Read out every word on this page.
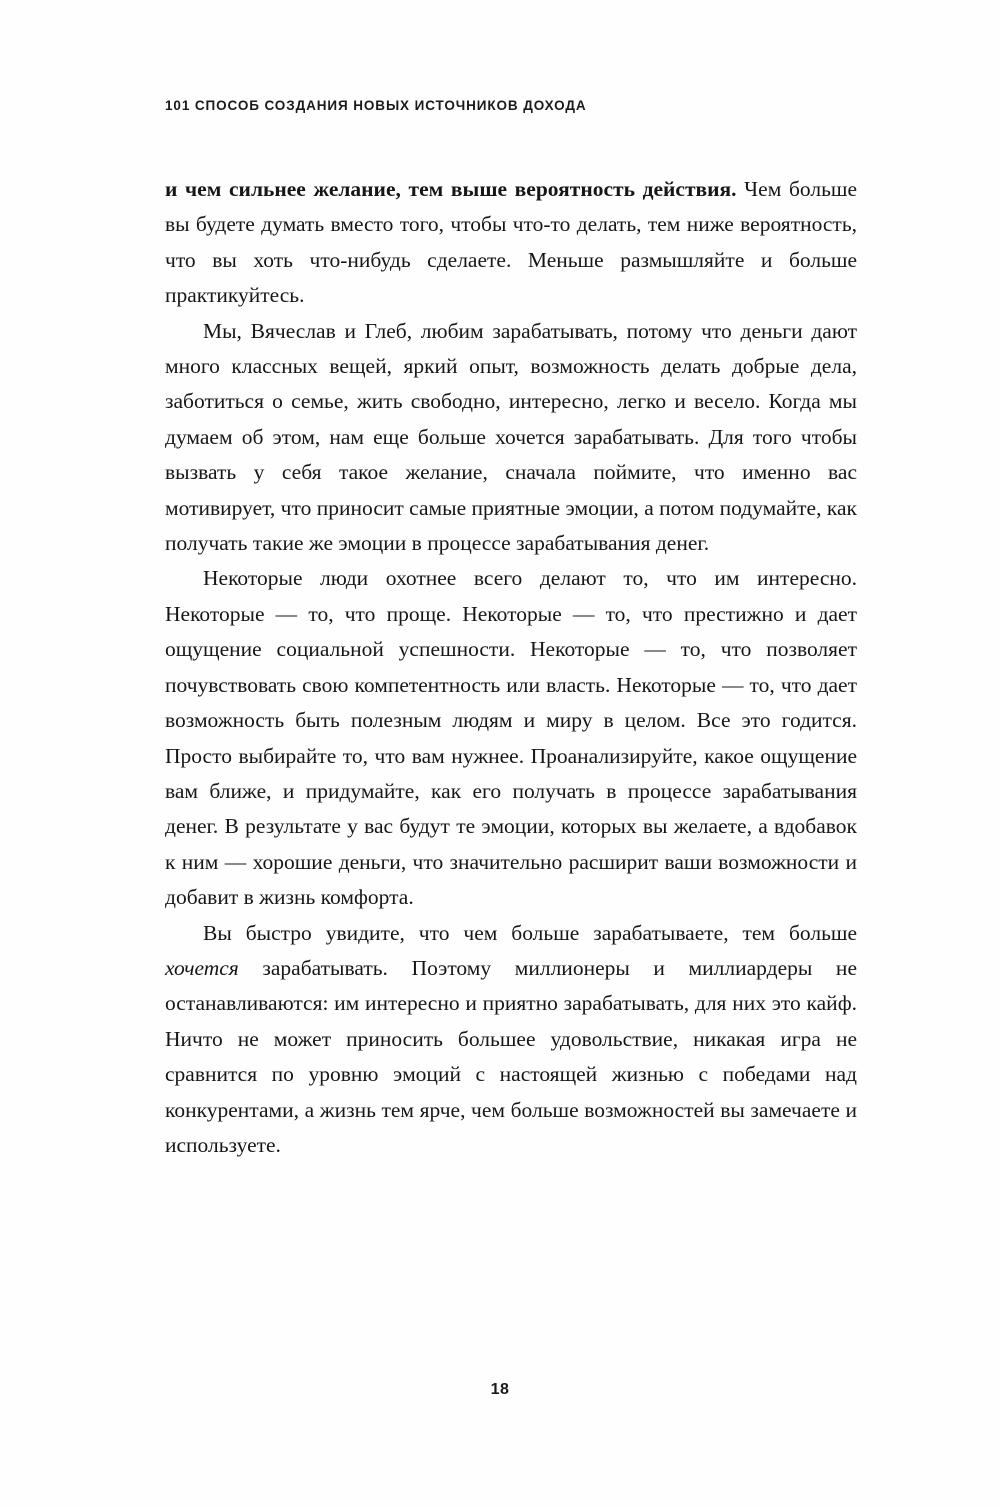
101 СПОСОБ СОЗДАНИЯ НОВЫХ ИСТОЧНИКОВ ДОХОДА

и чем сильнее желание, тем выше вероятность действия. Чем больше вы будете думать вместо того, чтобы что-то делать, тем ниже вероятность, что вы хоть что-нибудь сделаете. Меньше размышляйте и больше практикуйтесь.

Мы, Вячеслав и Глеб, любим зарабатывать, потому что деньги дают много классных вещей, яркий опыт, возможность делать добрые дела, заботиться о семье, жить свободно, интересно, легко и весело. Когда мы думаем об этом, нам еще больше хочется зарабатывать. Для того чтобы вызвать у себя такое желание, сначала поймите, что именно вас мотивирует, что приносит самые приятные эмоции, а потом подумайте, как получать такие же эмоции в процессе зарабатывания денег.

Некоторые люди охотнее всего делают то, что им интересно. Некоторые — то, что проще. Некоторые — то, что престижно и дает ощущение социальной успешности. Некоторые — то, что позволяет почувствовать свою компетентность или власть. Некоторые — то, что дает возможность быть полезным людям и миру в целом. Все это годится. Просто выбирайте то, что вам нужнее. Проанализируйте, какое ощущение вам ближе, и придумайте, как его получать в процессе зарабатывания денег. В результате у вас будут те эмоции, которых вы желаете, а вдобавок к ним — хорошие деньги, что значительно расширит ваши возможности и добавит в жизнь комфорта.

Вы быстро увидите, что чем больше зарабатываете, тем больше хочется зарабатывать. Поэтому миллионеры и миллиардеры не останавливаются: им интересно и приятно зарабатывать, для них это кайф. Ничто не может приносить большее удовольствие, никакая игра не сравнится по уровню эмоций с настоящей жизнью с победами над конкурентами, а жизнь тем ярче, чем больше возможностей вы замечаете и используете.

18
